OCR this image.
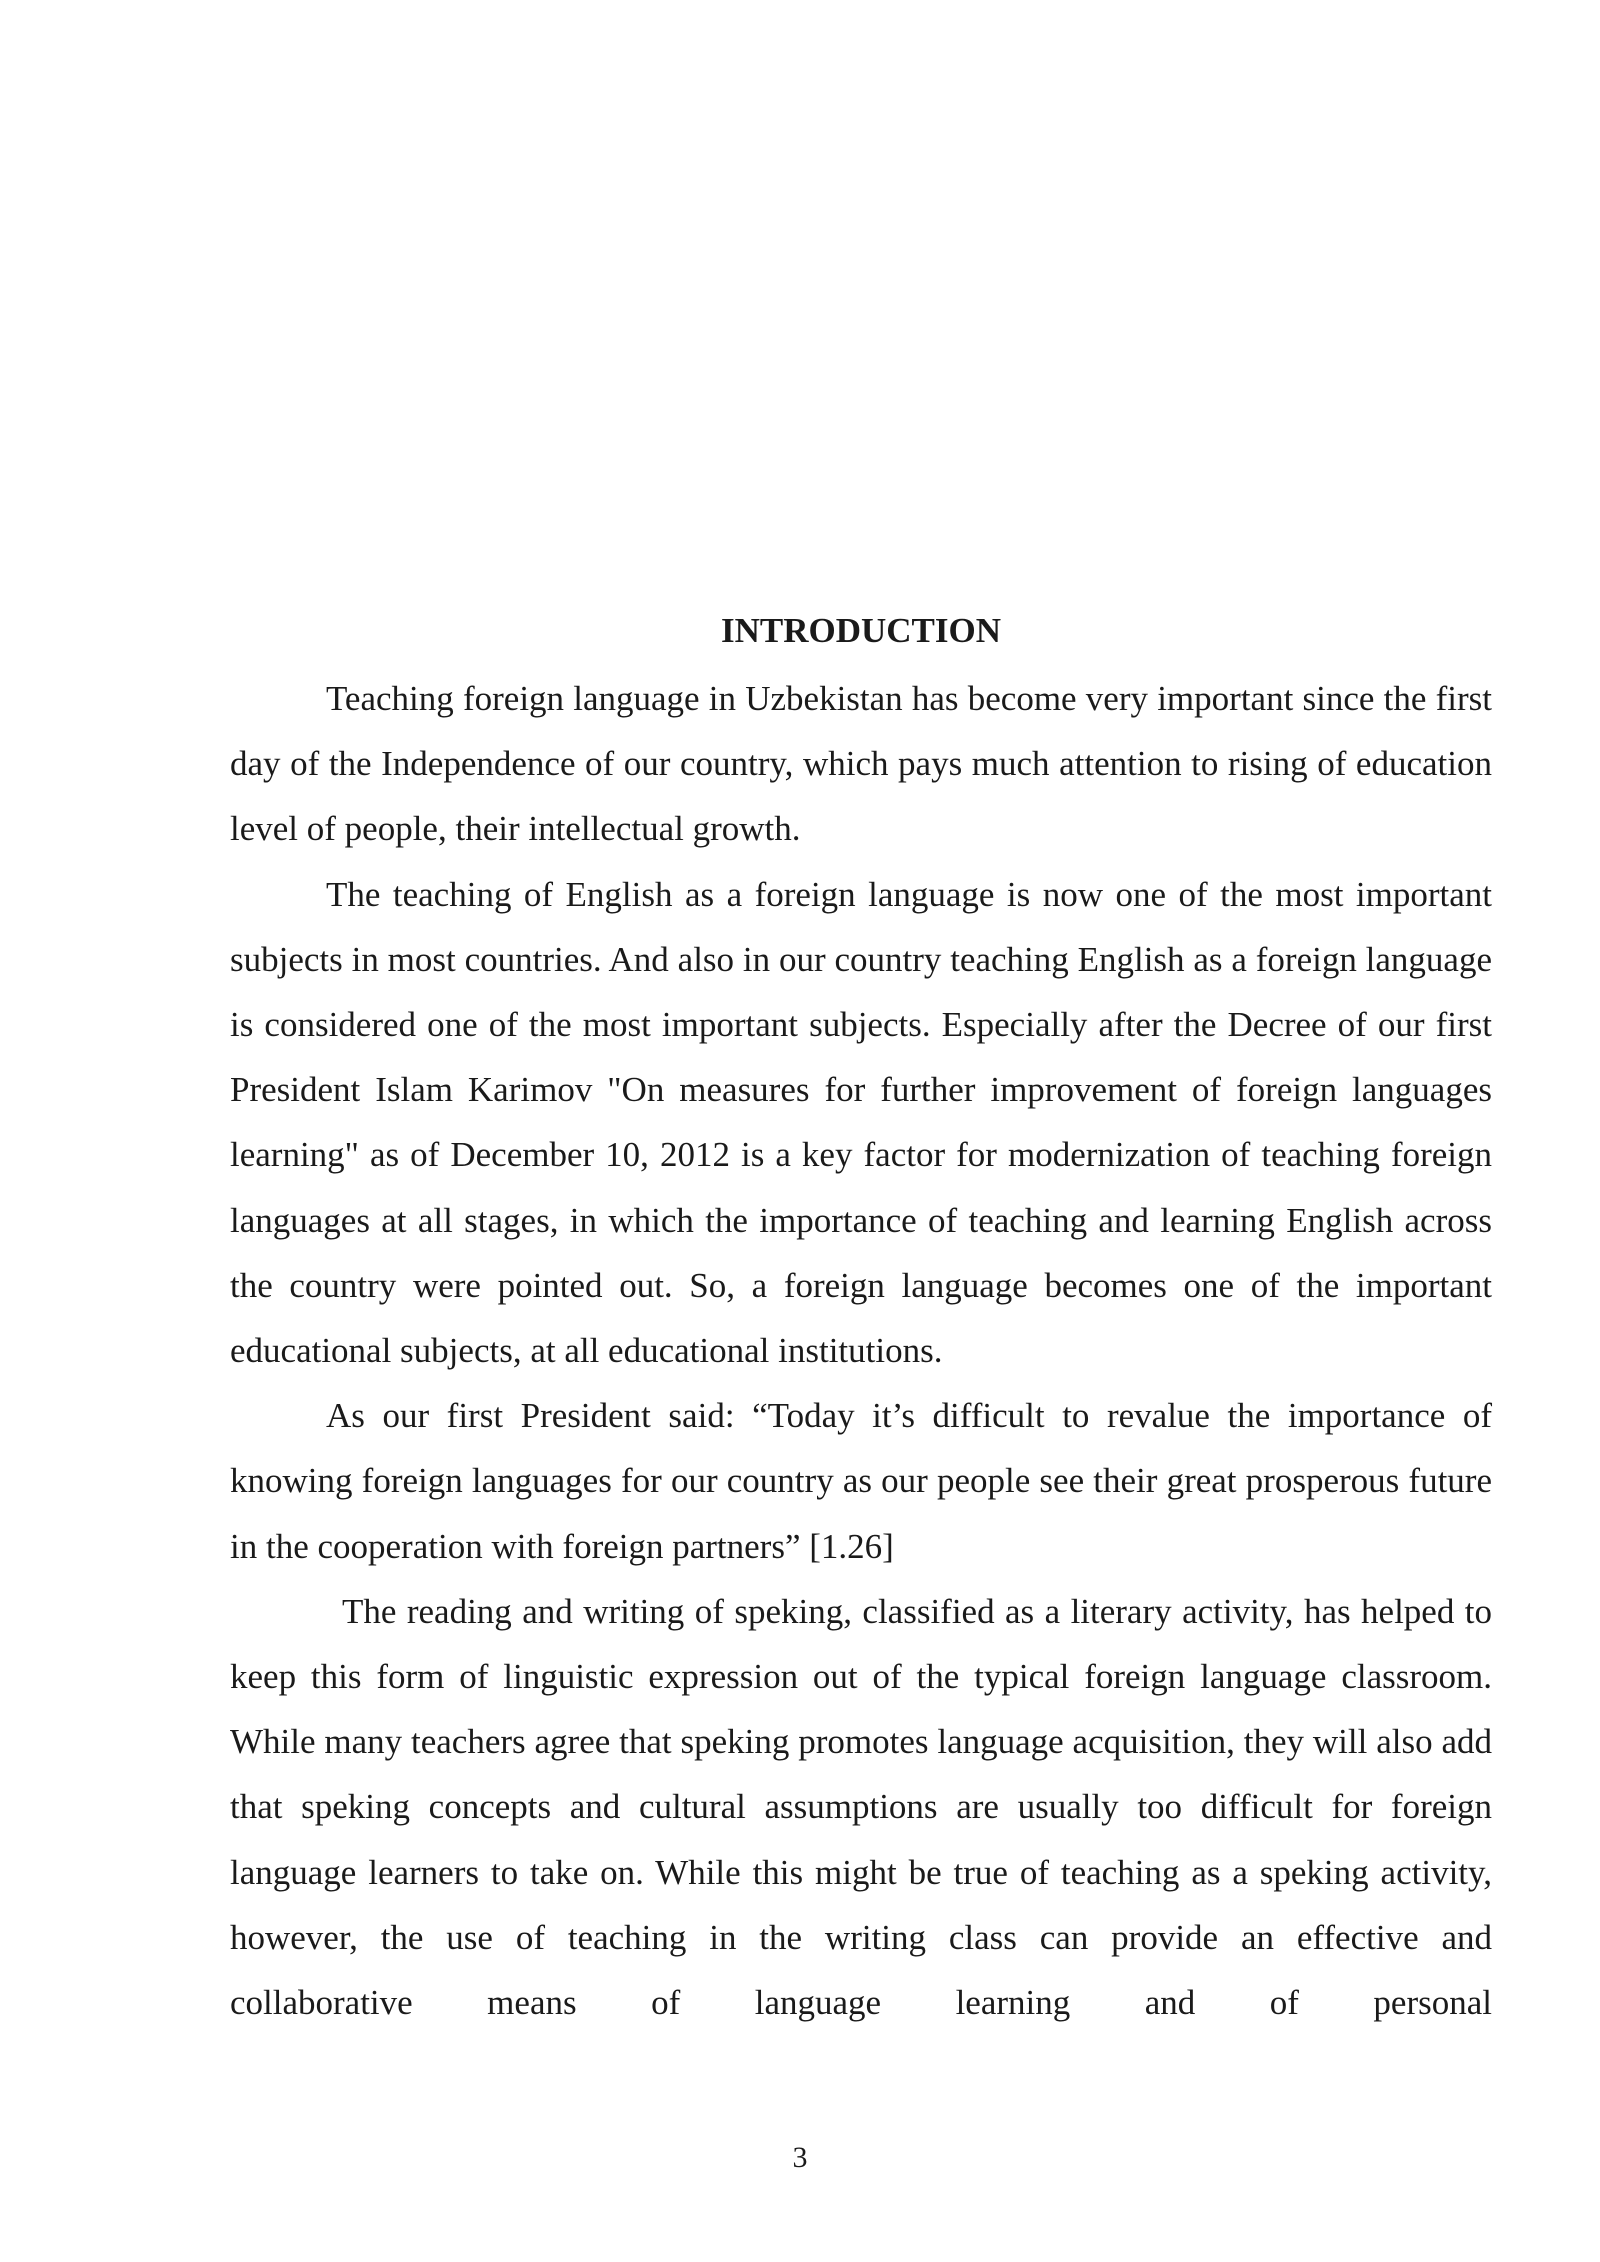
INTRODUCTION

Teaching foreign language in Uzbekistan has become very important since the first day of the Independence of our country, which pays much attention to rising of education level of people, their intellectual growth.

The teaching of English as a foreign language is now one of the most important subjects in most countries. And also in our country teaching English as a foreign language is considered one of the most important subjects. Especially after the Decree of our first President Islam Karimov "On measures for further improvement of foreign languages learning" as of December 10, 2012 is a key factor for modernization of teaching foreign languages at all stages, in which the importance of teaching and learning English across the country were pointed out. So, a foreign language becomes one of the important educational subjects, at all educational institutions.

As our first President said: “Today it’s difficult to revalue the importance of knowing foreign languages for our country as our people see their great prosperous future in the cooperation with foreign partners” [1.26]

The reading and writing of speking, classified as a literary activity, has helped to keep this form of linguistic expression out of the typical foreign language classroom. While many teachers agree that speking promotes language acquisition, they will also add that speking concepts and cultural assumptions are usually too difficult for foreign language learners to take on. While this might be true of teaching as a speking activity, however, the use of teaching in the writing class can provide an effective and collaborative means of language learning and of personal

3
